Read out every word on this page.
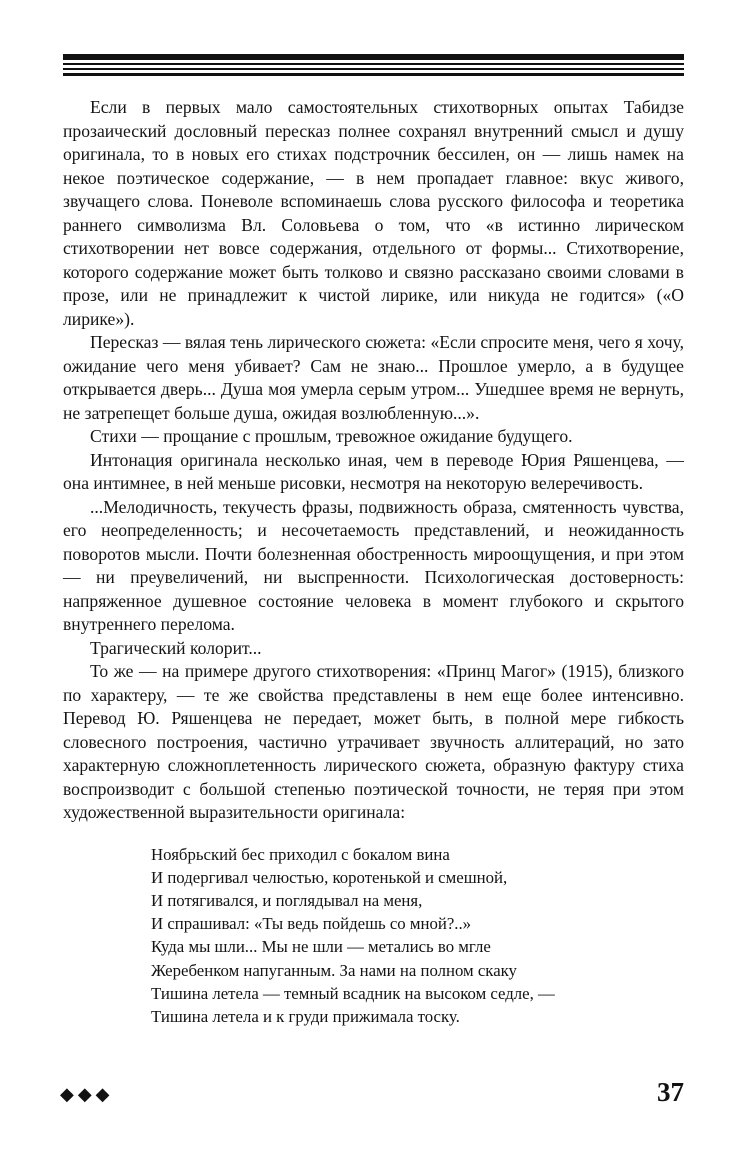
Если в первых мало самостоятельных стихотворных опытах Табидзе прозаический дословный пересказ полнее сохранял внутренний смысл и душу оригинала, то в новых его стихах подстрочник бессилен, он — лишь намек на некое поэтическое содержание, — в нем пропадает главное: вкус живого, звучащего слова. Поневоле вспоминаешь слова русского философа и теоретика раннего символизма Вл. Соловьева о том, что «в истинно лирическом стихотворении нет вовсе содержания, отдельного от формы... Стихотворение, которого содержание может быть толково и связно рассказано своими словами в прозе, или не принадлежит к чистой лирике, или никуда не годится» («О лирике»).

Пересказ — вялая тень лирического сюжета: «Если спросите меня, чего я хочу, ожидание чего меня убивает? Сам не знаю... Прошлое умерло, а в будущее открывается дверь... Душа моя умерла серым утром... Ушедшее время не вернуть, не затрепещет больше душа, ожидая возлюбленную...».

Стихи — прощание с прошлым, тревожное ожидание будущего.

Интонация оригинала несколько иная, чем в переводе Юрия Ряшенцева, — она интимнее, в ней меньше рисовки, несмотря на некоторую велеречивость.

...Мелодичность, текучесть фразы, подвижность образа, смятенность чувства, его неопределенность; и несочетаемость представлений, и неожиданность поворотов мысли. Почти болезненная обостренность мироощущения, и при этом — ни преувеличений, ни выспренности. Психологическая достоверность: напряженное душевное состояние человека в момент глубокого и скрытого внутреннего перелома.

Трагический колорит...

То же — на примере другого стихотворения: «Принц Магог» (1915), близкого по характеру, — те же свойства представлены в нем еще более интенсивно. Перевод Ю. Ряшенцева не передает, может быть, в полной мере гибкость словесного построения, частично утрачивает звучность аллитераций, но зато характерную сложноплетенность лирического сюжета, образную фактуру стиха воспроизводит с большой степенью поэтической точности, не теряя при этом художественной выразительности оригинала:

Ноябрьский бес приходил с бокалом вина
И подергивал челюстью, коротенькой и смешной,
И потягивался, и поглядывал на меня,
И спрашивал: «Ты ведь пойдешь со мной?..»
Куда мы шли... Мы не шли — метались во мгле
Жеребенком напуганным. За нами на полном скаку
Тишина летела — темный всадник на высоком седле, —
Тишина летела и к груди прижимала тоску.
◆◆◆	37
